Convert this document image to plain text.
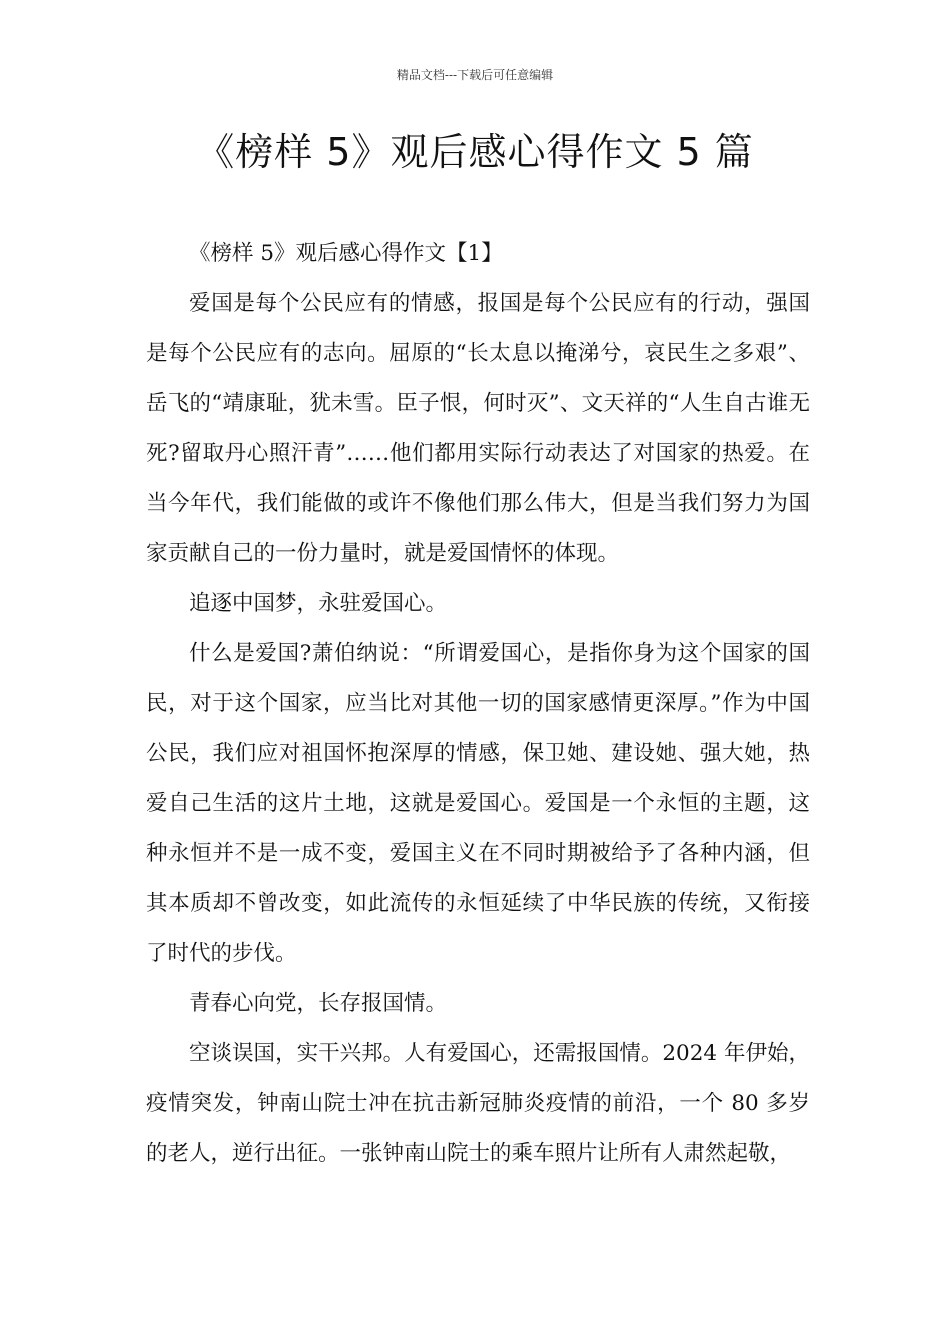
精品文档---下载后可任意编辑
《榜样 5》观后感心得作文 5 篇

《榜样 5》观后感心得作文【1】

爱国是每个公民应有的情感，报国是每个公民应有的行动，强国是每个公民应有的志向。屈原的“长太息以掩涕兮，哀民生之多艰”、岳飞的“靖康耻，犹未雪。臣子恨，何时灭”、文天祥的“人生自古谁无死?留取丹心照汗青”……他们都用实际行动表达了对国家的热爱。在当今年代，我们能做的或许不像他们那么伟大，但是当我们努力为国家贡献自己的一份力量时，就是爱国情怀的体现。

追逐中国梦，永驻爱国心。

什么是爱国?萧伯纳说：“所谓爱国心，是指你身为这个国家的国民，对于这个国家，应当比对其他一切的国家感情更深厚。”作为中国公民，我们应对祖国怀抱深厚的情感，保卫她、建设她、强大她，热爱自己生活的这片土地，这就是爱国心。爱国是一个永恒的主题，这种永恒并不是一成不变，爱国主义在不同时期被给予了各种内涵，但其本质却不曾改变，如此流传的永恒延续了中华民族的传统，又衔接了时代的步伐。

青春心向党，长存报国情。

空谈误国，实干兴邦。人有爱国心，还需报国情。2024 年伊始，疫情突发，钟南山院士冲在抗击新冠肺炎疫情的前沿，一个 80 多岁的老人，逆行出征。一张钟南山院士的乘车照片让所有人肃然起敬，
